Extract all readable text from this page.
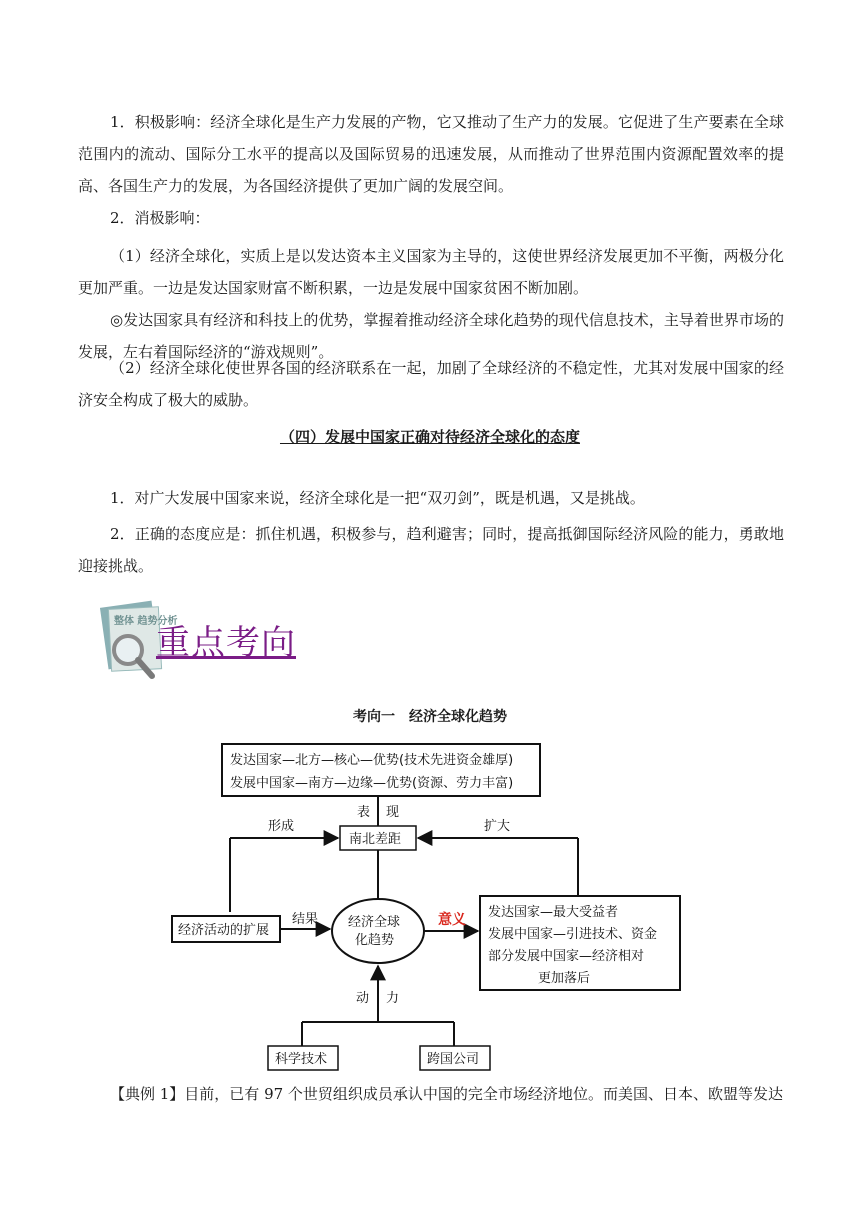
1．积极影响：经济全球化是生产力发展的产物，它又推动了生产力的发展。它促进了生产要素在全球范围内的流动、国际分工水平的提高以及国际贸易的迅速发展，从而推动了世界范围内资源配置效率的提高、各国生产力的发展，为各国经济提供了更加广阔的发展空间。

2．消极影响：

（1）经济全球化，实质上是以发达资本主义国家为主导的，这使世界经济发展更加不平衡，两极分化更加严重。一边是发达国家财富不断积累，一边是发展中国家贫困不断加剧。

◎发达国家具有经济和科技上的优势，掌握着推动经济全球化趋势的现代信息技术，主导着世界市场的发展，左右着国际经济的“游戏规则”。

（2）经济全球化使世界各国的经济联系在一起，加剧了全球经济的不稳定性，尤其对发展中国家的经济安全构成了极大的威胁。

（四）发展中国家正确对待经济全球化的态度

1．对广大发展中国家来说，经济全球化是一把“双刃剑”，既是机遇，又是挑战。

2．正确的态度应是：抓住机遇，积极参与，趋利避害；同时，提高抵御国际经济风险的能力，勇敢地迎接挑战。

整体 趋势分析
重点考向
考向一　经济全球化趋势
发达国家—北方—核心—优势(技术先进资金雄厚)
发展中国家—南方—边缘—优势(资源、劳力丰富)
表 现
南北差距
形成	扩大
经济活动的扩展
结果 经济全球
化趋势
意义 发达国家—最大受益者
发展中国家—引进技术、资金
部分发展中国家—经济相对
更加落后
动 力
科学技术	跨国公司

【典例 1】目前，已有 97 个世贸组织成员承认中国的完全市场经济地位。而美国、日本、欧盟等发达
